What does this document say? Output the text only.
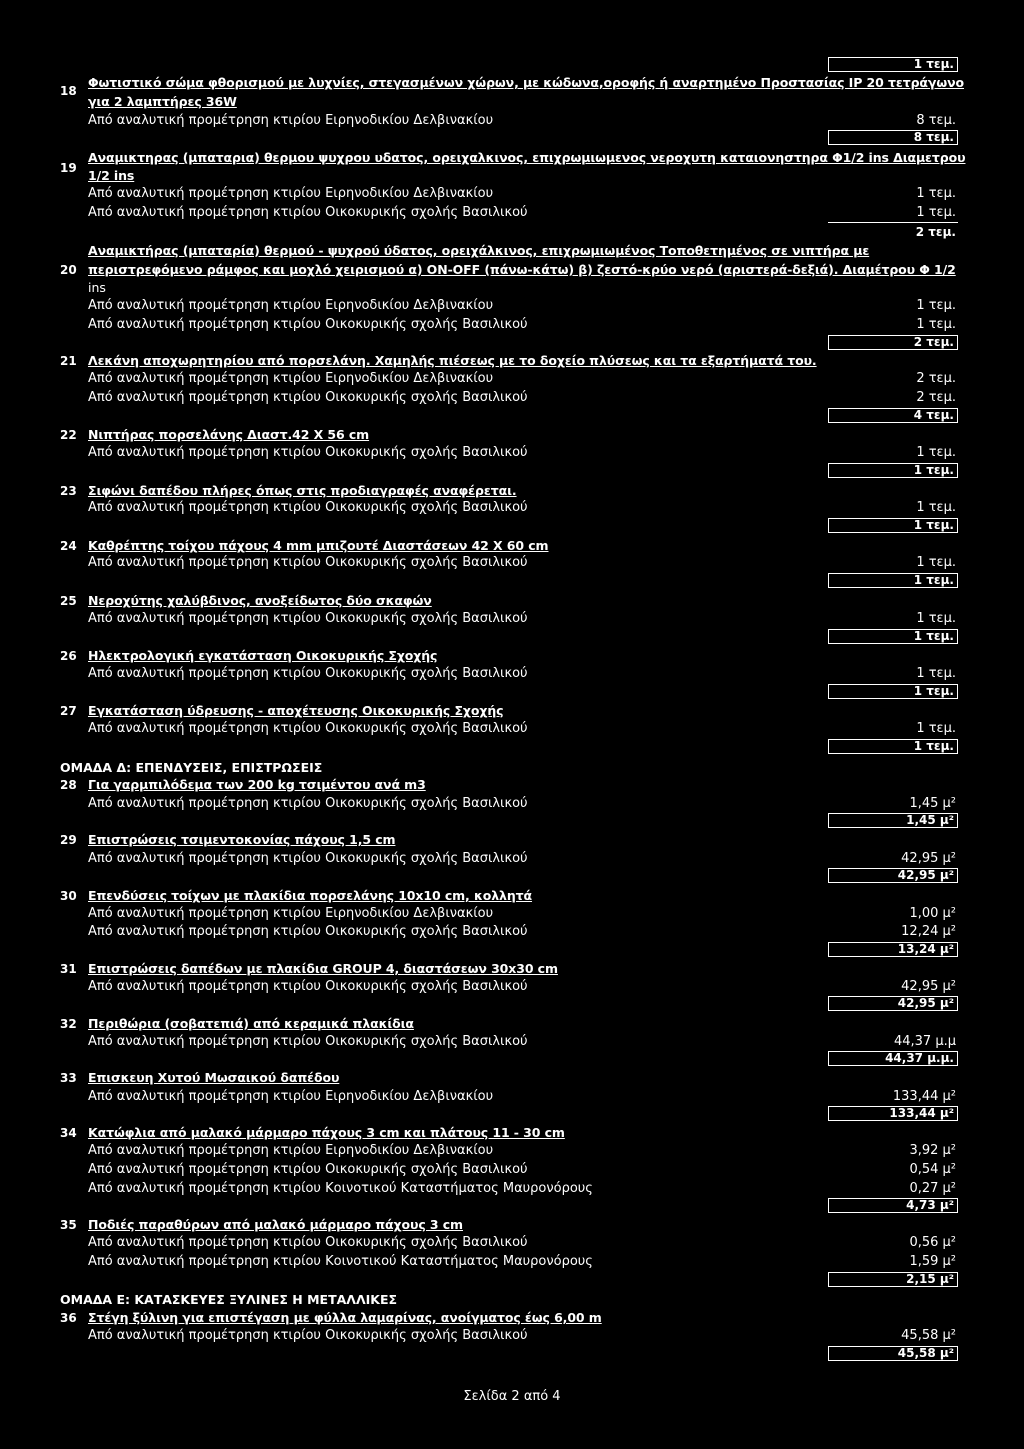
1 τεμ.
18
Φωτιστικό σώμα φθορισμού με λυχνίες, στεγασμένων χώρων, με κώδωνα,οροφής ή αναρτημένο Προστασίας IP 20 τετράγωνο
για 2 λαμπτήρες 36W
Από αναλυτική προμέτρηση κτιρίου Ειρηνοδικίου Δελβινακίου	8 τεμ.
8 τεμ.
19
Αναμικτηρας (μπαταρια) θερμου ψυχρου υδατος, ορειχαλκινος, επιχρωμιωμενος νεροχυτη καταιονηστηρα Φ1/2 ins Διαμετρου
1/2 ins
Από αναλυτική προμέτρηση κτιρίου Ειρηνοδικίου Δελβινακίου	1 τεμ.
Από αναλυτική προμέτρηση κτιρίου Οικοκυρικής σχολής Βασιλικού	1 τεμ.
2 τεμ.
20
Αναμικτήρας (μπαταρία) θερμού - ψυχρού ύδατος, ορειχάλκινος, επιχρωμιωμένος Τοποθετημένος σε νιπτήρα με
περιστρεφόμενο ράμφος και μοχλό χειρισμού α) ON-OFF (πάνω-κάτω) β) ζεστό-κρύο νερό (αριστερά-δεξιά). Διαμέτρου Φ 1/2
ins
Από αναλυτική προμέτρηση κτιρίου Ειρηνοδικίου Δελβινακίου	1 τεμ.
Από αναλυτική προμέτρηση κτιρίου Οικοκυρικής σχολής Βασιλικού	1 τεμ.
2 τεμ.
21 Λεκάνη αποχωρητηρίου από πορσελάνη. Χαμηλής πιέσεως με το δοχείο πλύσεως και τα εξαρτήματά του.
Από αναλυτική προμέτρηση κτιρίου Ειρηνοδικίου Δελβινακίου	2 τεμ.
Από αναλυτική προμέτρηση κτιρίου Οικοκυρικής σχολής Βασιλικού	2 τεμ.
4 τεμ.
22 Νιπτήρας πορσελάνης Διαστ.42 Χ 56 cm
Από αναλυτική προμέτρηση κτιρίου Οικοκυρικής σχολής Βασιλικού	1 τεμ.
1 τεμ.
23 Σιφώνι δαπέδου πλήρες όπως στις προδιαγραφές αναφέρεται.
Από αναλυτική προμέτρηση κτιρίου Οικοκυρικής σχολής Βασιλικού	1 τεμ.
1 τεμ.
24 Καθρέπτης τοίχου πάχους 4 mm μπιζουτέ Διαστάσεων 42 Χ 60 cm
Από αναλυτική προμέτρηση κτιρίου Οικοκυρικής σχολής Βασιλικού	1 τεμ.
1 τεμ.
25 Νεροχύτης χαλύβδινος, ανοξείδωτος δύο σκαφών
Από αναλυτική προμέτρηση κτιρίου Οικοκυρικής σχολής Βασιλικού	1 τεμ.
1 τεμ.
26 Ηλεκτρολογική εγκατάσταση Οικοκυρικής Σχοχής
Από αναλυτική προμέτρηση κτιρίου Οικοκυρικής σχολής Βασιλικού	1 τεμ.
1 τεμ.
27 Εγκατάσταση ύδρευσης - αποχέτευσης Οικοκυρικής Σχοχής
Από αναλυτική προμέτρηση κτιρίου Οικοκυρικής σχολής Βασιλικού	1 τεμ.
1 τεμ.
ΟΜΑΔΑ Δ: ΕΠΕΝΔΥΣΕΙΣ, ΕΠΙΣΤΡΩΣΕΙΣ
28 Για γαρμπιλόδεμα των 200 kg τσιμέντου ανά m3
Από αναλυτική προμέτρηση κτιρίου Οικοκυρικής σχολής Βασιλικού	1,45 μ²
1,45 μ²
29 Επιστρώσεις τσιμεντοκονίας πάχους 1,5 cm
Από αναλυτική προμέτρηση κτιρίου Οικοκυρικής σχολής Βασιλικού	42,95 μ²
42,95 μ²
30 Επενδύσεις τοίχων με πλακίδια πορσελάνης 10x10 cm, κολλητά
Από αναλυτική προμέτρηση κτιρίου Ειρηνοδικίου Δελβινακίου	1,00 μ²
Από αναλυτική προμέτρηση κτιρίου Οικοκυρικής σχολής Βασιλικού	12,24 μ²
13,24 μ²
31 Επιστρώσεις δαπέδων με πλακίδια GROUP 4, διαστάσεων 30x30 cm
Από αναλυτική προμέτρηση κτιρίου Οικοκυρικής σχολής Βασιλικού	42,95 μ²
42,95 μ²
32 Περιθώρια (σοβατεπιά) από κεραμικά πλακίδια
Από αναλυτική προμέτρηση κτιρίου Οικοκυρικής σχολής Βασιλικού	44,37 μ.μ
44,37 μ.μ.
33 Επισκευη Χυτού Μωσαικού δαπέδου
Από αναλυτική προμέτρηση κτιρίου Ειρηνοδικίου Δελβινακίου	133,44 μ²
133,44 μ²
34 Κατώφλια από μαλακό μάρμαρο πάχους 3 cm και πλάτους 11 - 30 cm
Από αναλυτική προμέτρηση κτιρίου Ειρηνοδικίου Δελβινακίου	3,92 μ²
Από αναλυτική προμέτρηση κτιρίου Οικοκυρικής σχολής Βασιλικού	0,54 μ²
Από αναλυτική προμέτρηση κτιρίου Κοινοτικού Καταστήματος Μαυρονόρους	0,27 μ²
4,73 μ²
35 Ποδιές παραθύρων από μαλακό μάρμαρο πάχους 3 cm
Από αναλυτική προμέτρηση κτιρίου Οικοκυρικής σχολής Βασιλικού	0,56 μ²
Από αναλυτική προμέτρηση κτιρίου Κοινοτικού Καταστήματος Μαυρονόρους	1,59 μ²
2,15 μ²
ΟΜΑΔΑ Ε: ΚΑΤΑΣΚΕΥΕΣ ΞΥΛΙΝΕΣ Η ΜΕΤΑΛΛΙΚΕΣ
36 Στέγη ξύλινη για επιστέγαση με φύλλα λαμαρίνας, ανοίγματος έως 6,00 m
Από αναλυτική προμέτρηση κτιρίου Οικοκυρικής σχολής Βασιλικού	45,58 μ²
45,58 μ²
Σελίδα 2 από 4
